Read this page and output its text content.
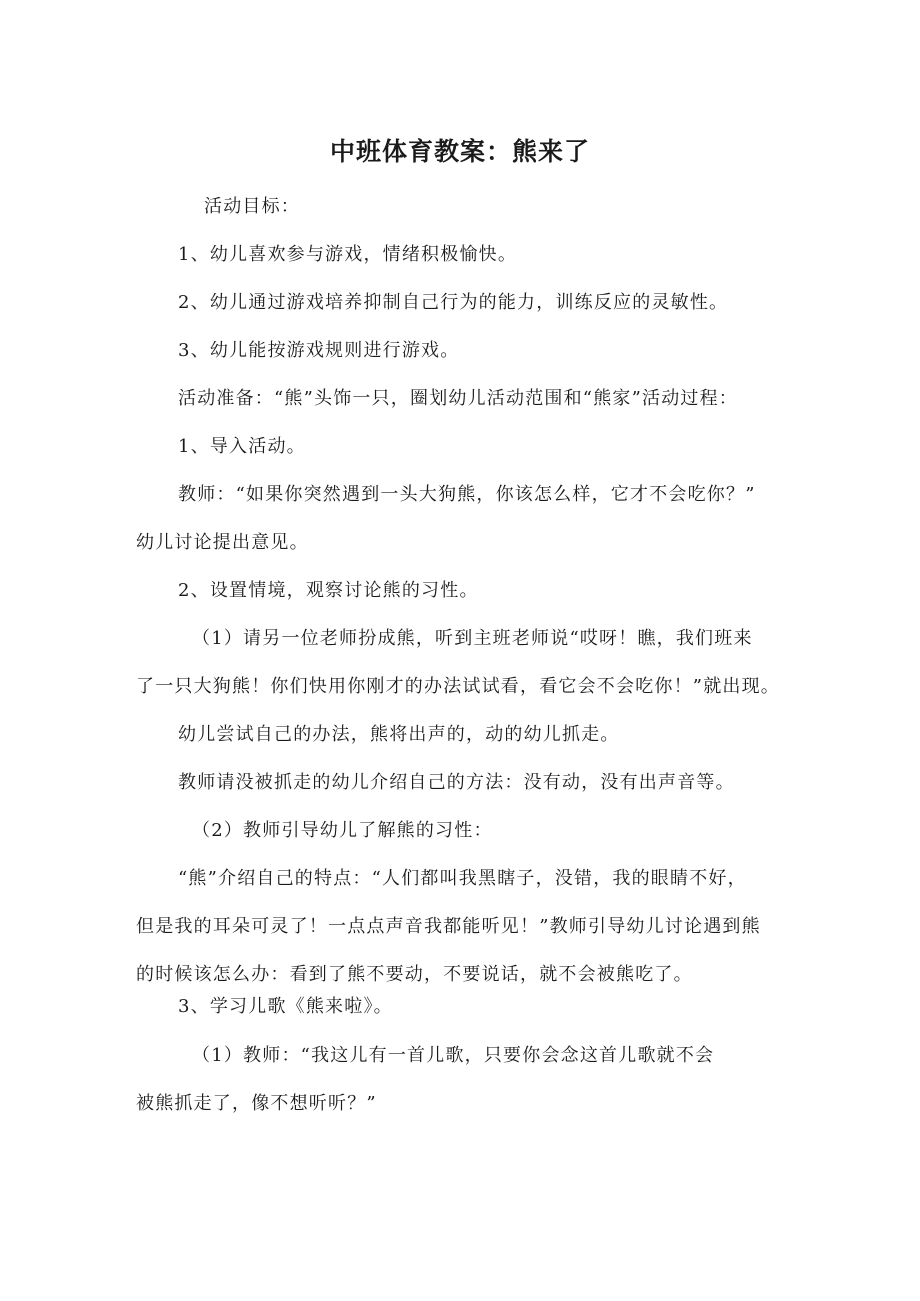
中班体育教案：熊来了

活动目标：

1、幼儿喜欢参与游戏，情绪积极愉快。

2、幼儿通过游戏培养抑制自己行为的能力，训练反应的灵敏性。

3、幼儿能按游戏规则进行游戏。

活动准备：“熊”头饰一只，圈划幼儿活动范围和“熊家”活动过程：

1、导入活动。

教师：“如果你突然遇到一头大狗熊，你该怎么样，它才不会吃你？”

幼儿讨论提出意见。

2、设置情境，观察讨论熊的习性。

（1）请另一位老师扮成熊，听到主班老师说“哎呀！瞧，我们班来

了一只大狗熊！你们快用你刚才的办法试试看，看它会不会吃你！”就出现。

幼儿尝试自己的办法，熊将出声的，动的幼儿抓走。

教师请没被抓走的幼儿介绍自己的方法：没有动，没有出声音等。

（2）教师引导幼儿了解熊的习性：

“熊”介绍自己的特点：“人们都叫我黑瞎子，没错，我的眼睛不好，

但是我的耳朵可灵了！一点点声音我都能听见！”教师引导幼儿讨论遇到熊

的时候该怎么办：看到了熊不要动，不要说话，就不会被熊吃了。

3、学习儿歌《熊来啦》。

（1）教师：“我这儿有一首儿歌，只要你会念这首儿歌就不会

被熊抓走了，像不想听听？”
